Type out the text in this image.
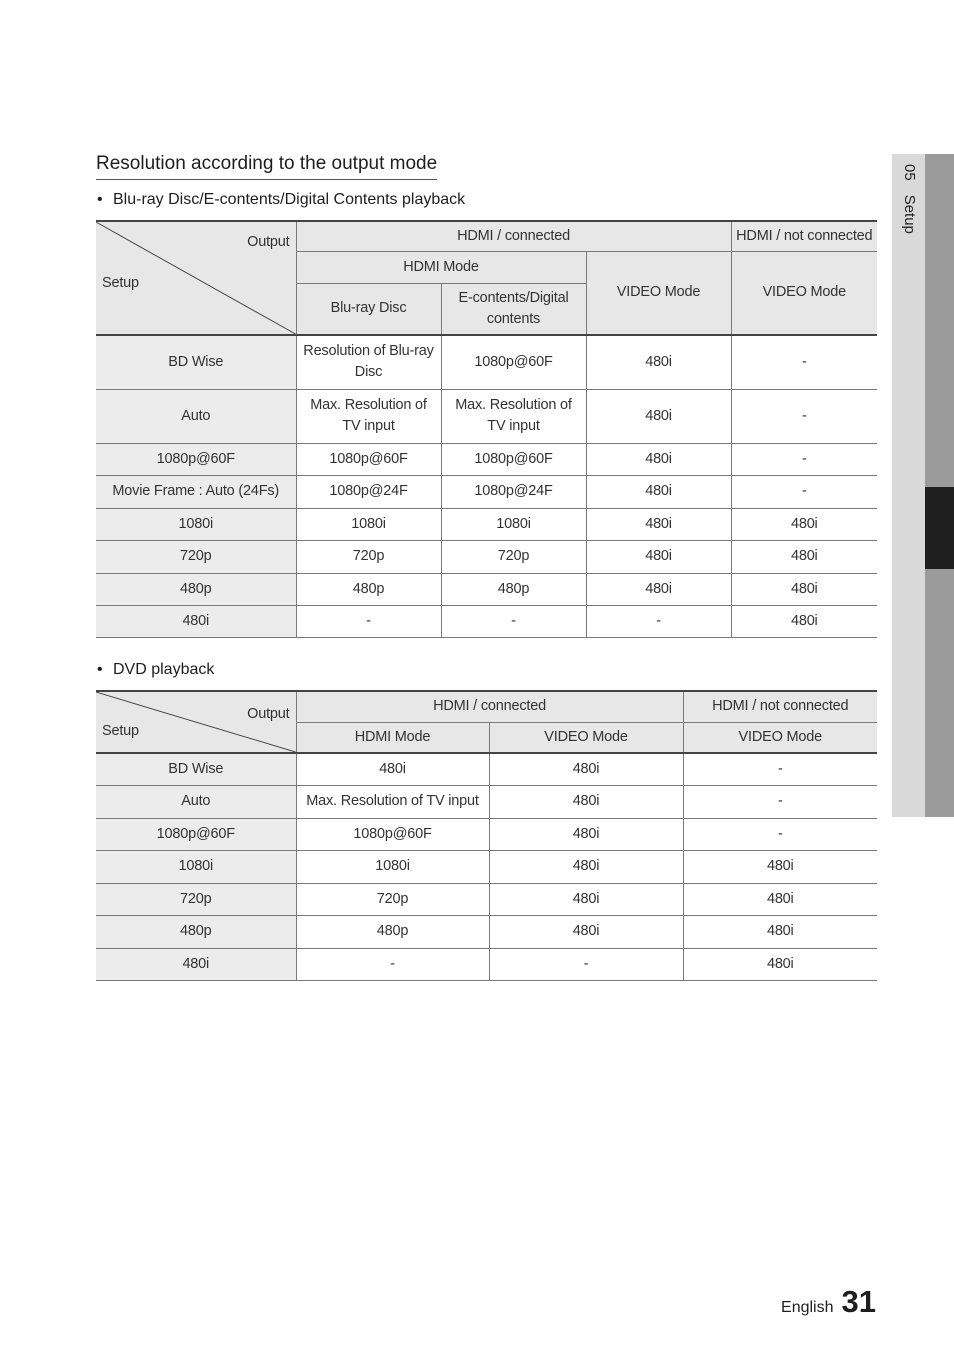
05Setup
Resolution according to the output mode

• Blu-ray Disc/E-contents/Digital Contents playback

Output
Setup	HDMI / connected			HDMI / not connected
	HDMI Mode		VIDEO Mode	VIDEO Mode
	Blu-ray Disc	E-contents/Digital contents		
BD Wise	Resolution of Blu-ray Disc	1080p@60F	480i	-
Auto	Max. Resolution of TV input	Max. Resolution of TV input	480i	-
1080p@60F	1080p@60F	1080p@60F	480i	-
Movie Frame : Auto (24Fs)	1080p@24F	1080p@24F	480i	-
1080i	1080i	1080i	480i	480i
720p	720p	720p	480i	480i
480p	480p	480p	480i	480i
480i	-	-	-	480i

• DVD playback

Output
Setup	HDMI / connected		HDMI / not connected
	HDMI Mode	VIDEO Mode	VIDEO Mode
BD Wise	480i	480i	-
Auto	Max. Resolution of TV input	480i	-
1080p@60F	1080p@60F	480i	-
1080i	1080i	480i	480i
720p	720p	480i	480i
480p	480p	480i	480i
480i	-	-	480i
English 31
